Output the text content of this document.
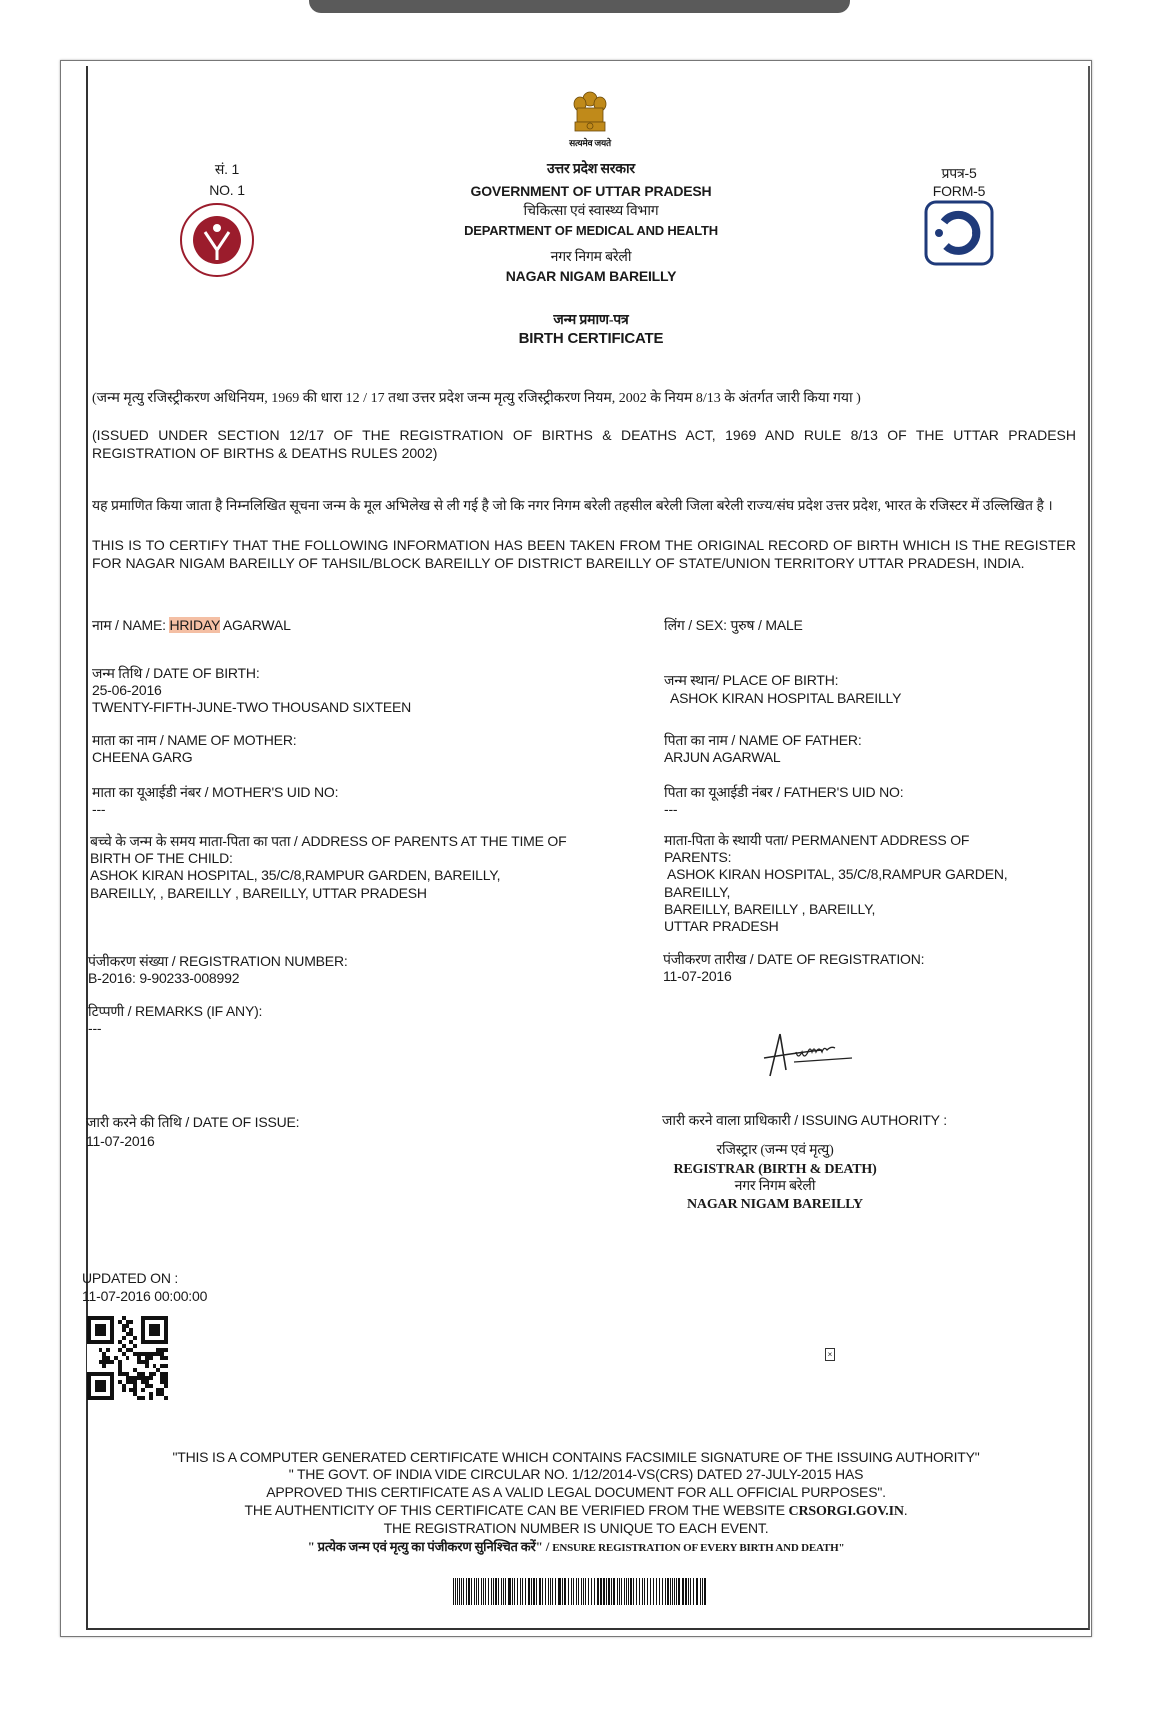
सत्यमेव जयते
सं. 1
NO. 1
उत्तर प्रदेश सरकार
GOVERNMENT OF UTTAR PRADESH
चिकित्सा एवं स्वास्थ्य विभाग
DEPARTMENT OF MEDICAL AND HEALTH
नगर निगम बरेली
NAGAR NIGAM BAREILLY
जन्म प्रमाण-पत्र
BIRTH CERTIFICATE
प्रपत्र-5
FORM-5
(जन्म मृत्यु रजिस्ट्रीकरण अधिनियम, 1969 की धारा 12 / 17 तथा उत्तर प्रदेश जन्म मृत्यु रजिस्ट्रीकरण नियम, 2002 के नियम 8/13 के अंतर्गत जारी किया गया )
(ISSUED UNDER SECTION 12/17 OF THE REGISTRATION OF BIRTHS & DEATHS ACT, 1969 AND RULE 8/13 OF THE UTTAR PRADESH REGISTRATION OF BIRTHS & DEATHS RULES 2002)
यह प्रमाणित किया जाता है निम्नलिखित सूचना जन्म के मूल अभिलेख से ली गई है जो कि नगर निगम बरेली तहसील बरेली जिला बरेली राज्य/संघ प्रदेश उत्तर प्रदेश, भारत के रजिस्टर में उल्लिखित है ।
THIS IS TO CERTIFY THAT THE FOLLOWING INFORMATION HAS BEEN TAKEN FROM THE ORIGINAL RECORD OF BIRTH WHICH IS THE REGISTER FOR NAGAR NIGAM BAREILLY OF TAHSIL/BLOCK BAREILLY OF DISTRICT BAREILLY OF STATE/UNION TERRITORY UTTAR PRADESH, INDIA.
नाम / NAME: HRIDAY AGARWAL
जन्म तिथि / DATE OF BIRTH:
25-06-2016
TWENTY-FIFTH-JUNE-TWO THOUSAND SIXTEEN
माता का नाम / NAME OF MOTHER:
CHEENA GARG
माता का यूआईडी नंबर / MOTHER'S UID NO:
---
बच्चे के जन्म के समय माता-पिता का पता / ADDRESS OF PARENTS AT THE TIME OF
BIRTH OF THE CHILD:
ASHOK KIRAN HOSPITAL, 35/C/8,RAMPUR GARDEN, BAREILLY,
BAREILLY, , BAREILLY , BAREILLY, UTTAR PRADESH
पंजीकरण संख्या / REGISTRATION NUMBER:
B-2016: 9-90233-008992
टिप्पणी / REMARKS (IF ANY):
---
जारी करने की तिथि / DATE OF ISSUE:
11-07-2016
लिंग / SEX: पुरुष / MALE
जन्म स्थान/ PLACE OF BIRTH:
ASHOK KIRAN HOSPITAL BAREILLY
पिता का नाम / NAME OF FATHER:
ARJUN AGARWAL
पिता का यूआईडी नंबर / FATHER'S UID NO:
---
माता-पिता के स्थायी पता/ PERMANENT ADDRESS OF
PARENTS:
ASHOK KIRAN HOSPITAL, 35/C/8,RAMPUR GARDEN,
BAREILLY,
BAREILLY, BAREILLY , BAREILLY,
UTTAR PRADESH
पंजीकरण तारीख / DATE OF REGISTRATION:
11-07-2016
जारी करने वाला प्राधिकारी / ISSUING AUTHORITY :
रजिस्ट्रार (जन्म एवं मृत्यु)
REGISTRAR (BIRTH & DEATH)
नगर निगम बरेली
NAGAR NIGAM BAREILLY
UPDATED ON :
11-07-2016 00:00:00
×
"THIS IS A COMPUTER GENERATED CERTIFICATE WHICH CONTAINS FACSIMILE SIGNATURE OF THE ISSUING AUTHORITY"
" THE GOVT. OF INDIA VIDE CIRCULAR NO. 1/12/2014-VS(CRS) DATED 27-JULY-2015 HAS
APPROVED THIS CERTIFICATE AS A VALID LEGAL DOCUMENT FOR ALL OFFICIAL PURPOSES".
THE AUTHENTICITY OF THIS CERTIFICATE CAN BE VERIFIED FROM THE WEBSITE CRSORGI.GOV.IN.
THE REGISTRATION NUMBER IS UNIQUE TO EACH EVENT.
" प्रत्येक जन्म एवं मृत्यु का पंजीकरण सुनिश्चित करें" / ENSURE REGISTRATION OF EVERY BIRTH AND DEATH"
